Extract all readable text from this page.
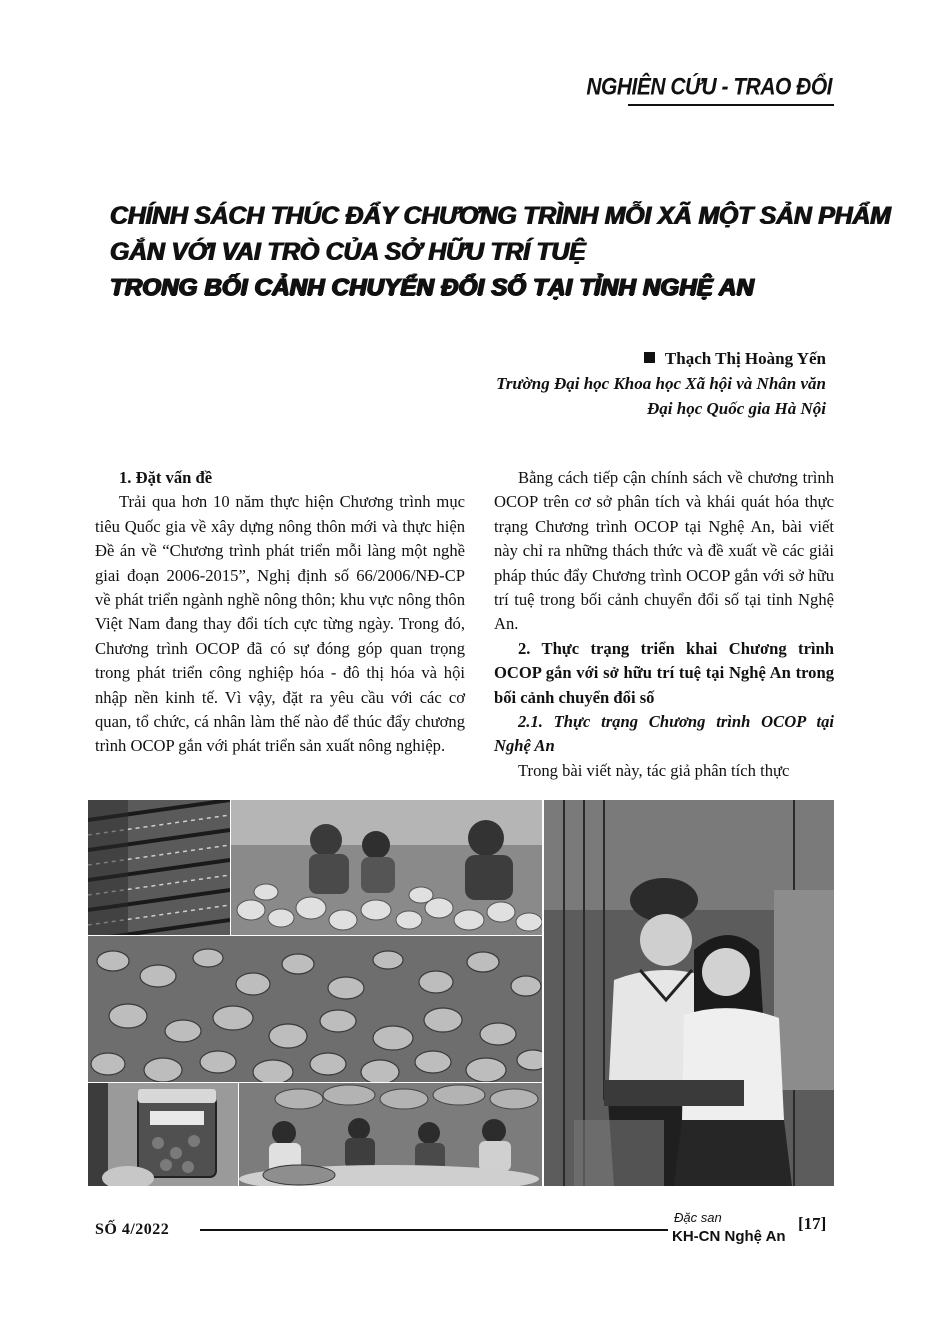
NGHIÊN CỨU - TRAO ĐỔI
CHÍNH SÁCH THÚC ĐẨY CHƯƠNG TRÌNH MỖI XÃ MỘT SẢN PHẨM
GẮN VỚI VAI TRÒ CỦA SỞ HỮU TRÍ TUỆ
TRONG BỐI CẢNH CHUYỂN ĐỔI SỐ TẠI TỈNH NGHỆ AN
Thạch Thị Hoàng Yến
Trường Đại học Khoa học Xã hội và Nhân văn
Đại học Quốc gia Hà Nội

1. Đặt vấn đề

Trải qua hơn 10 năm thực hiện Chương trình mục tiêu Quốc gia về xây dựng nông thôn mới và thực hiện Đề án về “Chương trình phát triển mỗi làng một nghề giai đoạn 2006-2015”, Nghị định số 66/2006/NĐ-CP về phát triển ngành nghề nông thôn; khu vực nông thôn Việt Nam đang thay đổi tích cực từng ngày. Trong đó, Chương trình OCOP đã có sự đóng góp quan trọng trong phát triển công nghiệp hóa - đô thị hóa và hội nhập nền kinh tế. Vì vậy, đặt ra yêu cầu với các cơ quan, tổ chức, cá nhân làm thế nào để thúc đẩy chương trình OCOP gắn với phát triển sản xuất nông nghiệp.

Bằng cách tiếp cận chính sách về chương trình OCOP trên cơ sở phân tích và khái quát hóa thực trạng Chương trình OCOP tại Nghệ An, bài viết này chỉ ra những thách thức và đề xuất về các giải pháp thúc đẩy Chương trình OCOP gắn với sở hữu trí tuệ trong bối cảnh chuyển đổi số tại tỉnh Nghệ An.

2. Thực trạng triển khai Chương trình OCOP gắn với sở hữu trí tuệ tại Nghệ An trong bối cảnh chuyển đổi số

2.1. Thực trạng Chương trình OCOP tại Nghệ An

Trong bài viết này, tác giả phân tích thực

SỐ 4/2022
Đặc san
KH-CN Nghệ An
[17]
